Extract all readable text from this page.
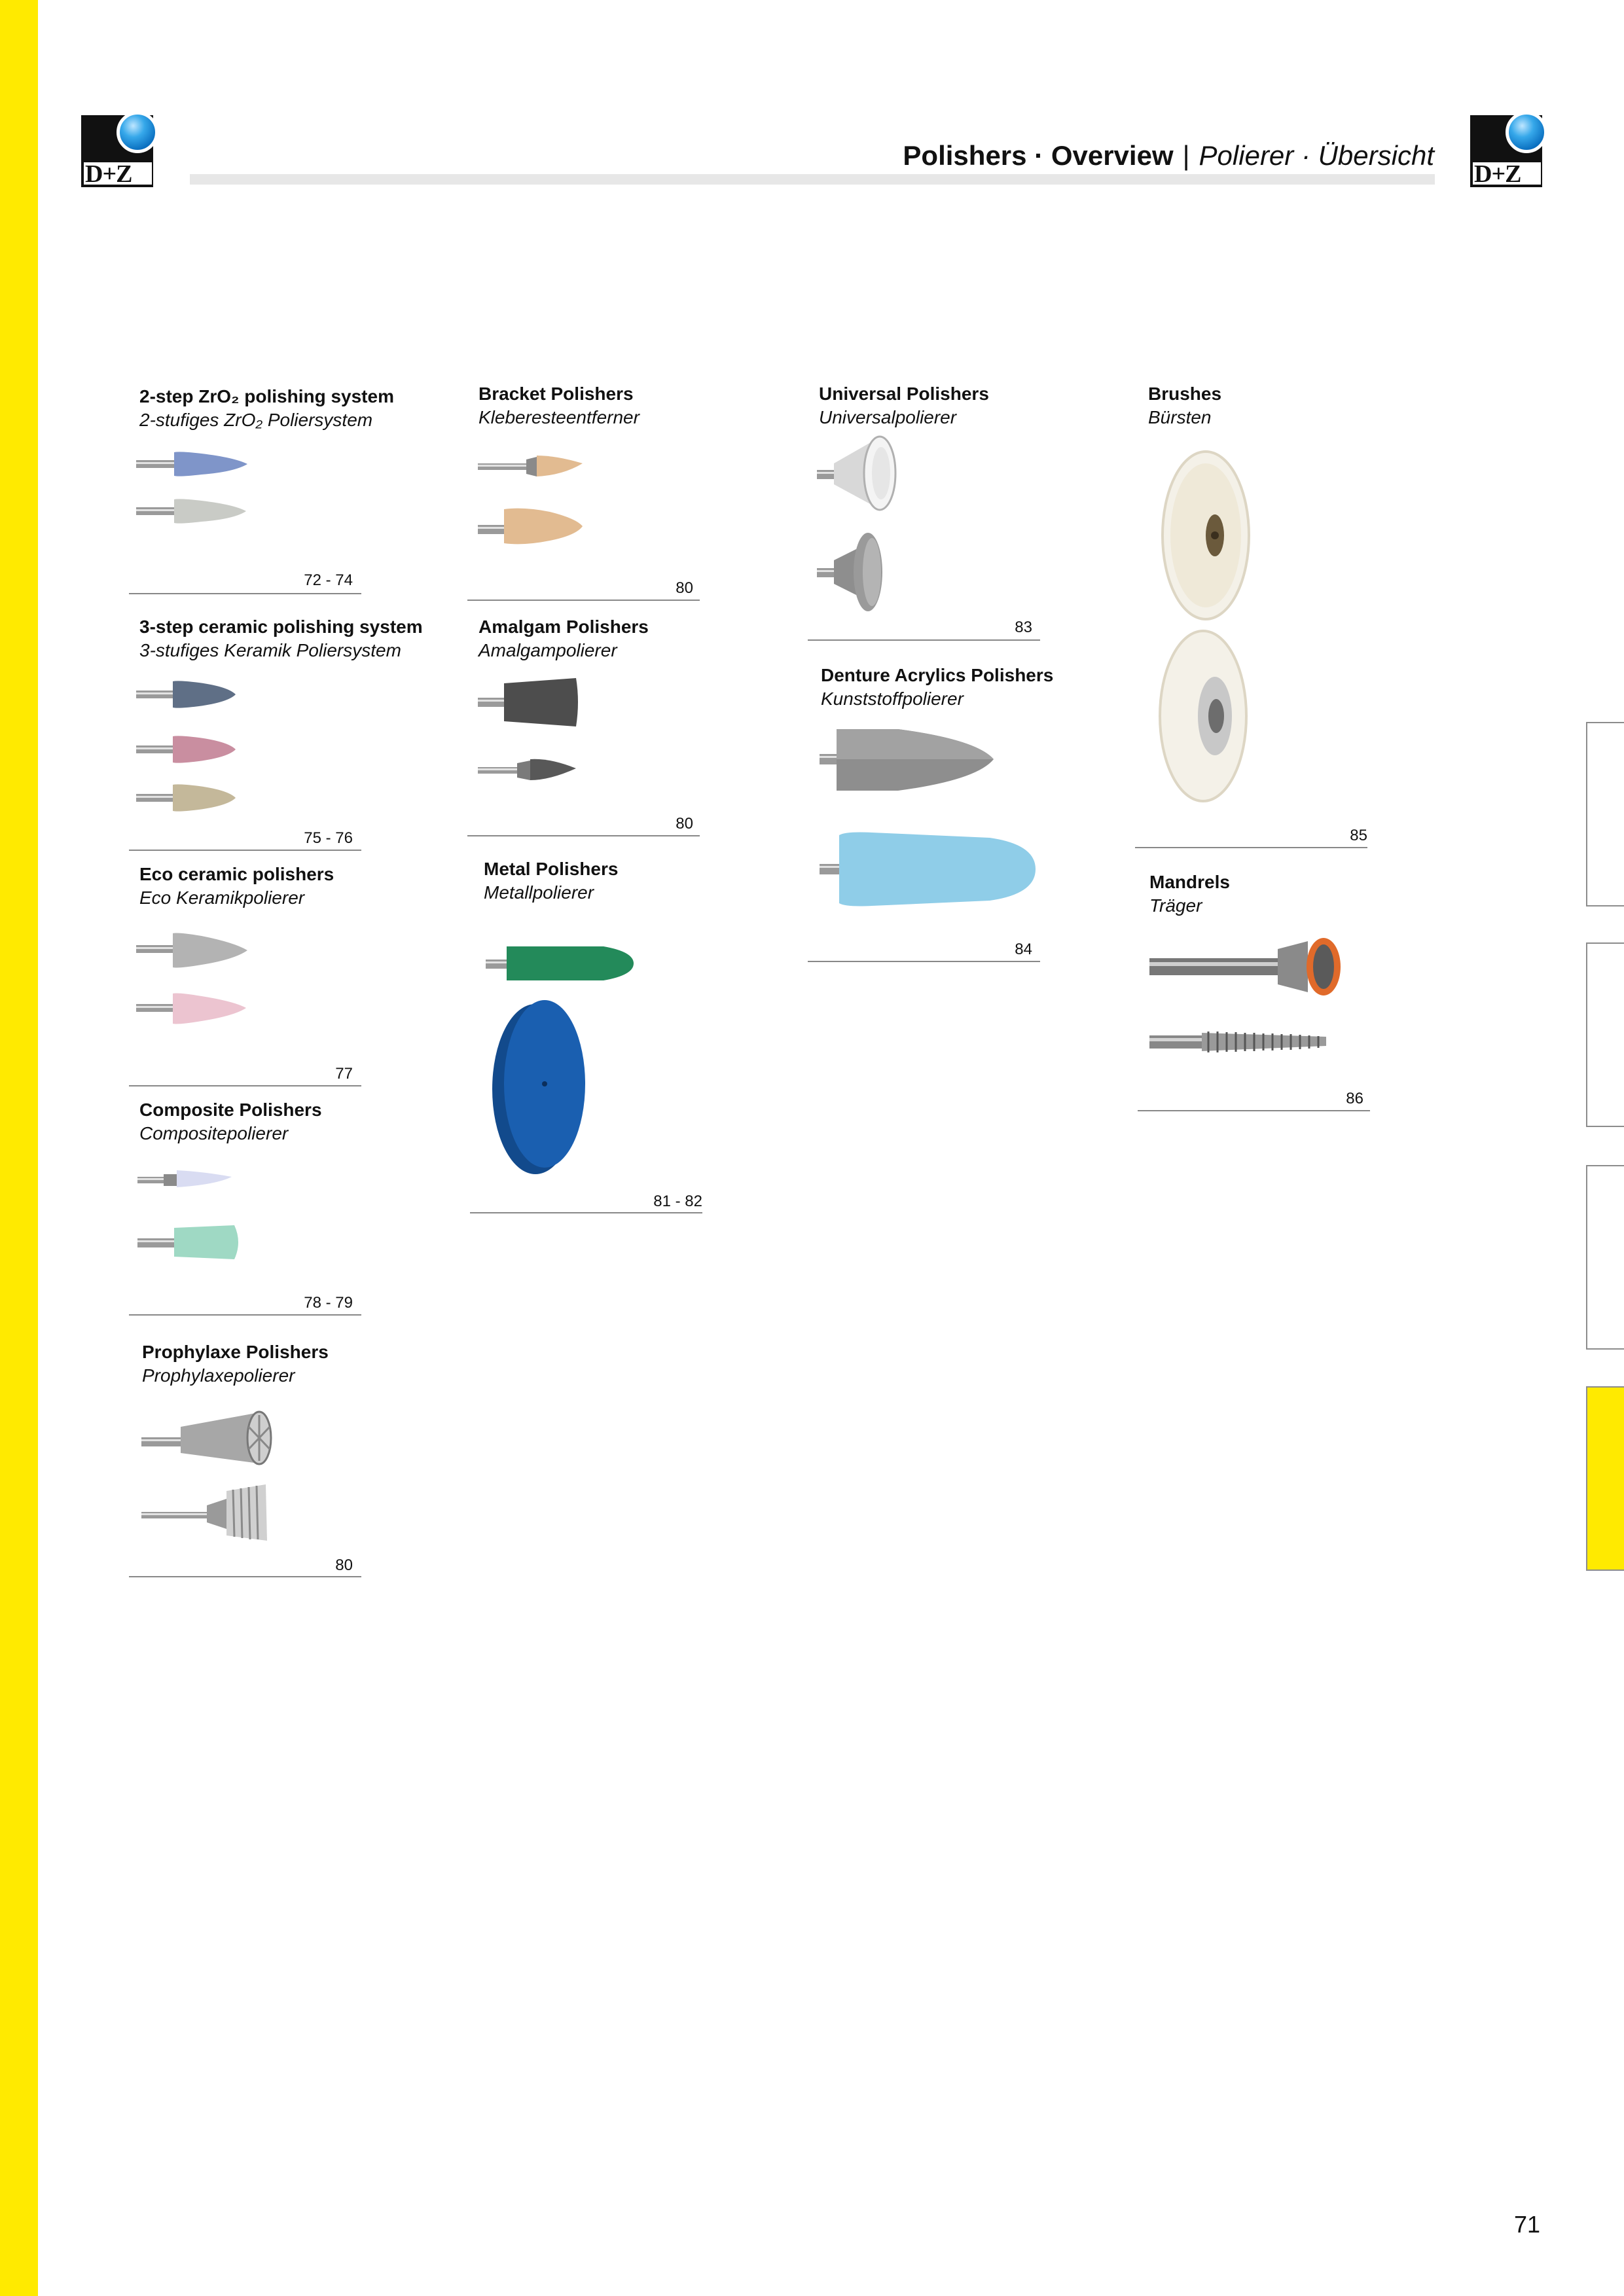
D+Z	D+Z
Polishers · Overview | Polierer · Übersicht
2-step ZrO₂ polishing system
2-stufiges ZrO₂ Poliersystem
72 - 74
3-step ceramic polishing system
3-stufiges Keramik Poliersystem
75 - 76
Eco ceramic polishers
Eco Keramikpolierer
77
Composite Polishers
Compositepolierer
78 - 79
Prophylaxe Polishers
Prophylaxepolierer
80
Bracket Polishers
Kleberesteentferner
80
Amalgam Polishers
Amalgampolierer
80
Metal Polishers
Metallpolierer
81 - 82
Universal Polishers
Universalpolierer
83
Denture Acrylics Polishers
Kunststoffpolierer
84
Brushes
Bürsten
85
Mandrels
Träger
86
71
